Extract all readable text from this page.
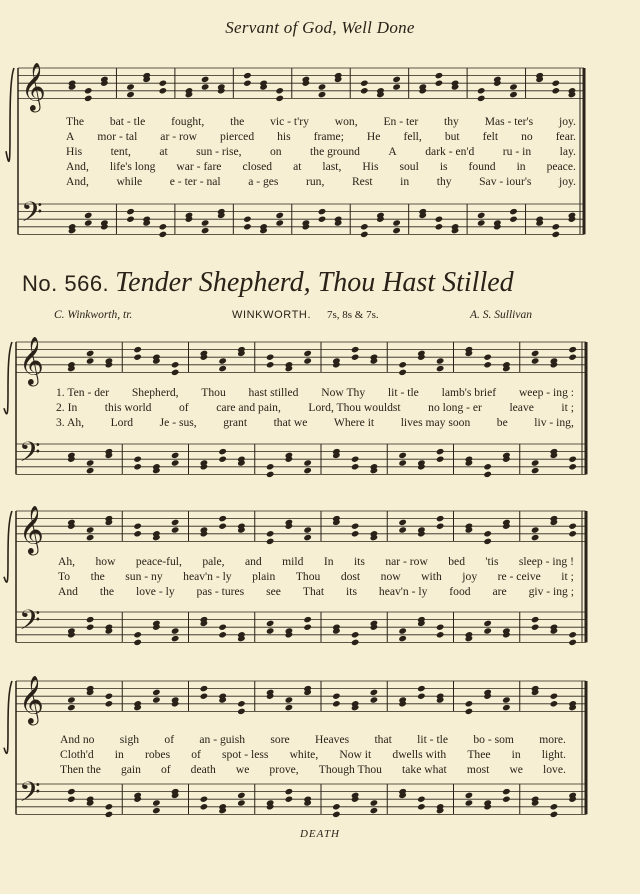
Servant of God, Well Done
𝄞
𝄢
𝄞
𝄢
𝄞
𝄢
𝄞
𝄢
The bat - tle fought, the vic - t'ry won, En - ter thy Mas - ter's joy.
A mor - tal ar - row pierced his frame; He fell, but felt no fear.
His tent, at sun - rise, on the ground A dark - en'd ru - in lay.
And, life's long war - fare closed at last, His soul is found in peace.
And, while e - ter - nal a - ges run, Rest in thy Sav - iour's joy.
No. 566. Tender Shepherd, Thou Hast Stilled
C. Winkworth, tr.	WINKWORTH. 7s, 8s & 7s.	A. S. Sullivan
1. Ten - der Shepherd, Thou hast stilled Now Thy lit - tle lamb's brief weep - ing :
2. In this world of care and pain, Lord, Thou wouldst no long - er leave it ;
3. Ah, Lord Je - sus, grant that we Where it lives may soon be liv - ing,
Ah, how peace-ful, pale, and mild In its nar - row bed 'tis sleep - ing !
To the sun - ny heav'n - ly plain Thou dost now with joy re - ceive it ;
And the love - ly pas - tures see That its heav'n - ly food are giv - ing ;
And no sigh of an - guish sore Heaves that lit - tle bo - som more.
Cloth'd in robes of spot - less white, Now it dwells with Thee in light.
Then the gain of death we prove, Though Thou take what most we love.
DEATH
